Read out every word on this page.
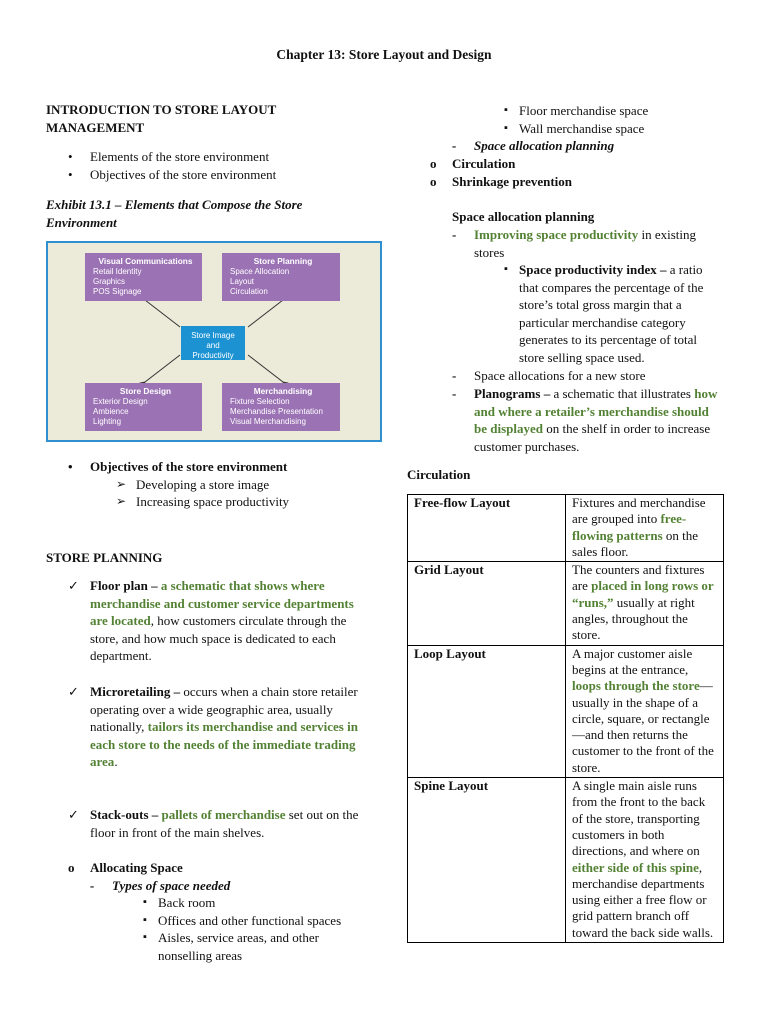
Chapter 13: Store Layout and Design
INTRODUCTION TO STORE LAYOUT
MANAGEMENT
• Elements of the store environment
• Objectives of the store environment
Exhibit 13.1 – Elements that Compose the Store
Environment
Visual Communications
Retail Identity
Graphics
POS Signage
Store Planning
Space Allocation
Layout
Circulation
Store Image
and
Productivity
Store Design
Exterior Design
Ambience
Lighting
Merchandising
Fixture Selection
Merchandise Presentation
Visual Merchandising
• Objectives of the store environment
➢ Developing a store image
➢ Increasing space productivity
STORE PLANNING
✓ Floor plan – a schematic that shows where merchandise and customer service departments are located, how customers circulate through the store, and how much space is dedicated to each department.
✓ Microretailing – occurs when a chain store retailer operating over a wide geographic area, usually nationally, tailors its merchandise and services in each store to the needs of the immediate trading area.
✓ Stack-outs – pallets of merchandise set out on the floor in front of the main shelves.
o Allocating Space
- Types of space needed
▪ Back room
▪ Offices and other functional spaces
▪ Aisles, service areas, and other nonselling areas
▪ Floor merchandise space
▪ Wall merchandise space
- Space allocation planning
o Circulation
o Shrinkage prevention
Space allocation planning
- Improving space productivity in existing stores
▪ Space productivity index – a ratio that compares the percentage of the store’s total gross margin that a particular merchandise category generates to its percentage of total store selling space used.
- Space allocations for a new store
- Planograms – a schematic that illustrates how and where a retailer’s merchandise should be displayed on the shelf in order to increase customer purchases.
Circulation
Free-flow Layout	Fixtures and merchandise are grouped into free-flowing patterns on the sales floor.
Grid Layout	The counters and fixtures are placed in long rows or “runs,” usually at right angles, throughout the store.
Loop Layout	A major customer aisle begins at the entrance, loops through the store—usually in the shape of a circle, square, or rectangle—and then returns the customer to the front of the store.
Spine Layout	A single main aisle runs from the front to the back of the store, transporting customers in both directions, and where on either side of this spine, merchandise departments using either a free flow or grid pattern branch off toward the back side walls.
